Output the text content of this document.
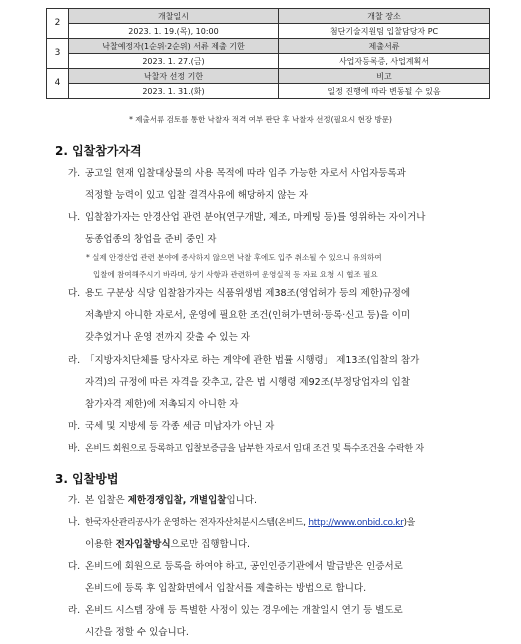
2	개찰일시	개찰 장소
	2023. 1. 19.(목), 10:00	첨단기술지원팀 입찰담당자 PC
3	낙찰예정자(1순위·2순위) 서류 제출 기한	제출서류
	2023. 1. 27.(금)	사업자등록증, 사업계획서
4	낙찰자 선정 기한	비고
	2023. 1. 31.(화)	일정 진행에 따라 변동될 수 있음
* 제출서류 검토를 통한 낙찰자 적격 여부 판단 후 낙찰자 선정(필요시 현장 방문)
2. 입찰참가자격
가. 공고일 현재 입찰대상물의 사용 목적에 따라 입주 가능한 자로서 사업자등록과
적정할 능력이 있고 입찰 결격사유에 해당하지 않는 자
나. 입찰참가자는 안경산업 관련 분야(연구개발, 제조, 마케팅 등)를 영위하는 자이거나
동종업종의 창업을 준비 중인 자
* 실제 안경산업 관련 분야에 종사하지 않으면 낙찰 후에도 입주 취소될 수 있으니 유의하여
입찰에 참여해주시기 바라며, 상기 사항과 관련하여 운영실적 등 자료 요청 시 협조 필요
다. 용도 구분상 식당 입찰참가자는 식품위생법 제38조(영업허가 등의 제한)규정에
저촉받지 아니한 자로서, 운영에 필요한 조건(인허가·면허·등록·신고 등)을 이미
갖추었거나 운영 전까지 갖출 수 있는 자
라. 「지방자치단체를 당사자로 하는 계약에 관한 법률 시행령」 제13조(입찰의 참가
자격)의 규정에 따른 자격을 갖추고, 같은 법 시행령 제92조(부정당업자의 입찰
참가자격 제한)에 저촉되지 아니한 자
마. 국세 및 지방세 등 각종 세금 미납자가 아닌 자
바. 온비드 회원으로 등록하고 입찰보증금을 납부한 자로서 임대 조건 및 특수조건을 수락한 자
3. 입찰방법
가. 본 입찰은 제한경쟁입찰, 개별입찰입니다.
나. 한국자산관리공사가 운영하는 전자자산처분시스템(온비드, http://www.onbid.co.kr)을
이용한 전자입찰방식으로만 집행합니다.
다. 온비드에 회원으로 등록을 하여야 하고, 공인인증기관에서 발급받은 인증서로
온비드에 등록 후 입찰화면에서 입찰서를 제출하는 방법으로 합니다.
라. 온비드 시스템 장애 등 특별한 사정이 있는 경우에는 개찰일시 연기 등 별도로
시간을 정할 수 있습니다.
